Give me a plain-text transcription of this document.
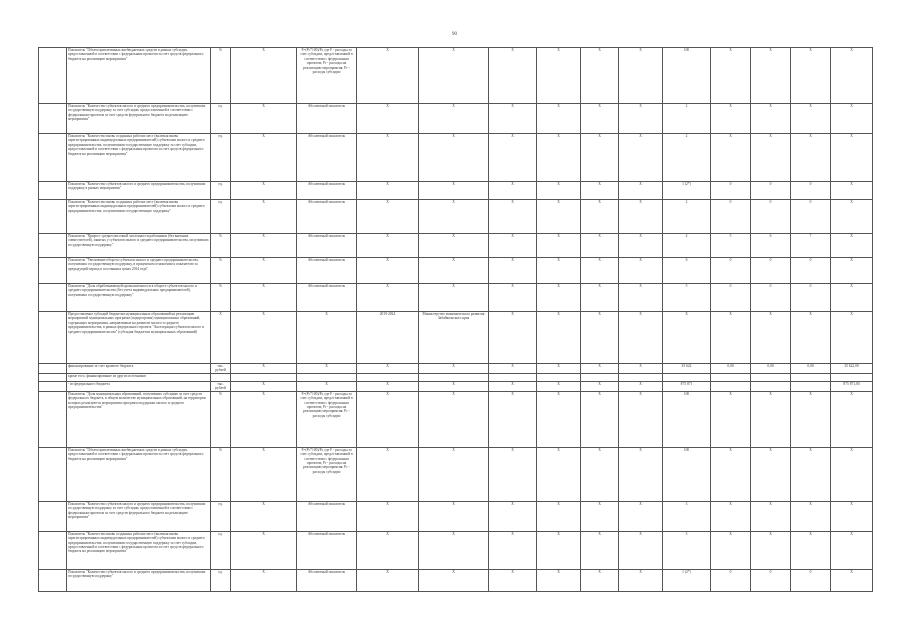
90
	Показатель "Объем привлеченных внебюджетных средств в рамках субсидии, предоставленной в соответствии с федеральным проектом за счет средств федерального бюджета на реализацию мероприятия"	%	X	F=(Pc*100)/Pr, где F - расходы за счет субсидии, предоставленной в соответствии с федеральным проектом; Pr - расходы на реализацию мероприятия; Pc - расходы субсидии	X	X	X	X	X	X	100	X	X	X	X
	Показатель "Количество субъектов малого и среднего предпринимательства, получивших государственную поддержку за счет субсидии, предоставленной в соответствии с федеральным проектом за счет средств федерального бюджета на реализацию мероприятия"	ед.	X	Абсолютный показатель	X	X	X	X	X	X	2	X	X	X	X
	Показатель "Количество вновь созданных рабочих мест (включая вновь зарегистрированных индивидуальных предпринимателей) субъектами малого и среднего предпринимательства, получившими государственную поддержку за счет субсидии, предоставленной в соответствии с федеральным проектом за счет средств федерального бюджета на реализацию мероприятия"	ед.	X	Абсолютный показатель	X	X	X	X	X	X	2	X	X	X	X
	Показатель "Количество субъектов малого и среднего предпринимательства, получивших поддержку в рамках мероприятия"	ед.	X	Абсолютный показатель	X	X	X	X	X	X	1 (2*)	0	0	0	X
	Показатель "Количество вновь созданных рабочих мест (включая вновь зарегистрированных индивидуальных предпринимателей) субъектами малого и среднего предпринимательства, получившими государственную поддержку"	ед.	X	Абсолютный показатель	X	X	X	X	X	X	2	0	0	0	X
	Показатель "Прирост среднесписочной численности работников (без внешних совместителей), занятых у субъектов малого и среднего предпринимательства, получивших государственную поддержку"	%	X	Абсолютный показатель	X	X	X	X	X	X	4	5	6	7	X
	Показатель "Увеличение оборота субъектов малого и среднего предпринимательства, получивших государственную поддержку, в процентном отношении к показателю за предыдущий период в постоянных ценах 2014 года"	%	X	Абсолютный показатель	X	X	X	X	X	X	6	0	0	0	X
	Показатель "Доля обрабатывающей промышленности в обороте субъектов малого и среднего предпринимательства (без учета индивидуальных предпринимателей), получивших государственную поддержку"	%	X	Абсолютный показатель	X	X	X	X	X	X	5	0	0	0	X
	Предоставление субсидий бюджетам муниципальных образований на реализацию мероприятий муниципальных программ (подпрограмм) муниципальных образований, содержащих мероприятия, направленные на развитие малого и среднего предпринимательства, в рамках федерального проекта "Акселерация субъектов малого и среднего предпринимательства" (субсидия бюджетам муниципальных образований)	X	X	X	2019-2024	Министерство экономического развития Забайкальского края	X	X	X	X	X	X	X	X	X
	финансирование за счет краевого бюджета	тыс. рублей	X	X	X	X	X	X	X	X	35 622	0,00	0,00	0,00	35 622,00
	кроме того, финансирование из других источников														
	- из федерального бюджета	тыс. рублей	X	X	X	X	X	X	X	X	875 871				875 871,00
	Показатель "Доля муниципальных образований, получивших субсидию за счет средств федерального бюджета, в общем количестве муниципальных образований, на территории которых реализуются мероприятия программ поддержки малого и среднего предпринимательства"	%	X	F=(Pc*100)/Pr, где F - расходы за счет субсидии, предоставленной в соответствии с федеральным проектом; Pr - расходы на реализацию мероприятия; Pc - расходы субсидии	X	X	X	X	X	X	100	X	X	X	X
	Показатель "Объем привлеченных внебюджетных средств в рамках субсидии, предоставленной в соответствии с федеральным проектом за счет средств федерального бюджета на реализацию мероприятия"	%	X	F=(Pc*100)/Pr, где F - расходы за счет субсидии, предоставленной в соответствии с федеральным проектом; Pr - расходы на реализацию мероприятия; Pc - расходы субсидии	X	X	X	X	X	X	100	X	X	X	X
	Показатель "Количество субъектов малого и среднего предпринимательства, получивших государственную поддержку за счет субсидии, предоставленной в соответствии с федеральным проектом за счет средств федерального бюджета на реализацию мероприятия"	ед.	X	Абсолютный показатель	X	X	X	X	X	X	3	X	X	X	X
	Показатель "Количество вновь созданных рабочих мест (включая вновь зарегистрированных индивидуальных предпринимателей) субъектами малого и среднего предпринимательства, получившими государственную поддержку за счет субсидии, предоставленной в соответствии с федеральным проектом за счет средств федерального бюджета на реализацию мероприятия"	ед.	X	Абсолютный показатель	X	X	X	X	X	X	3	X	X	X	X
	Показатель "Количество субъектов малого и среднего предпринимательства, получивших государственную поддержку"	ед.	X	Абсолютный показатель	X	X	X	X	X	X	1 (2*)	0	0	0	X
